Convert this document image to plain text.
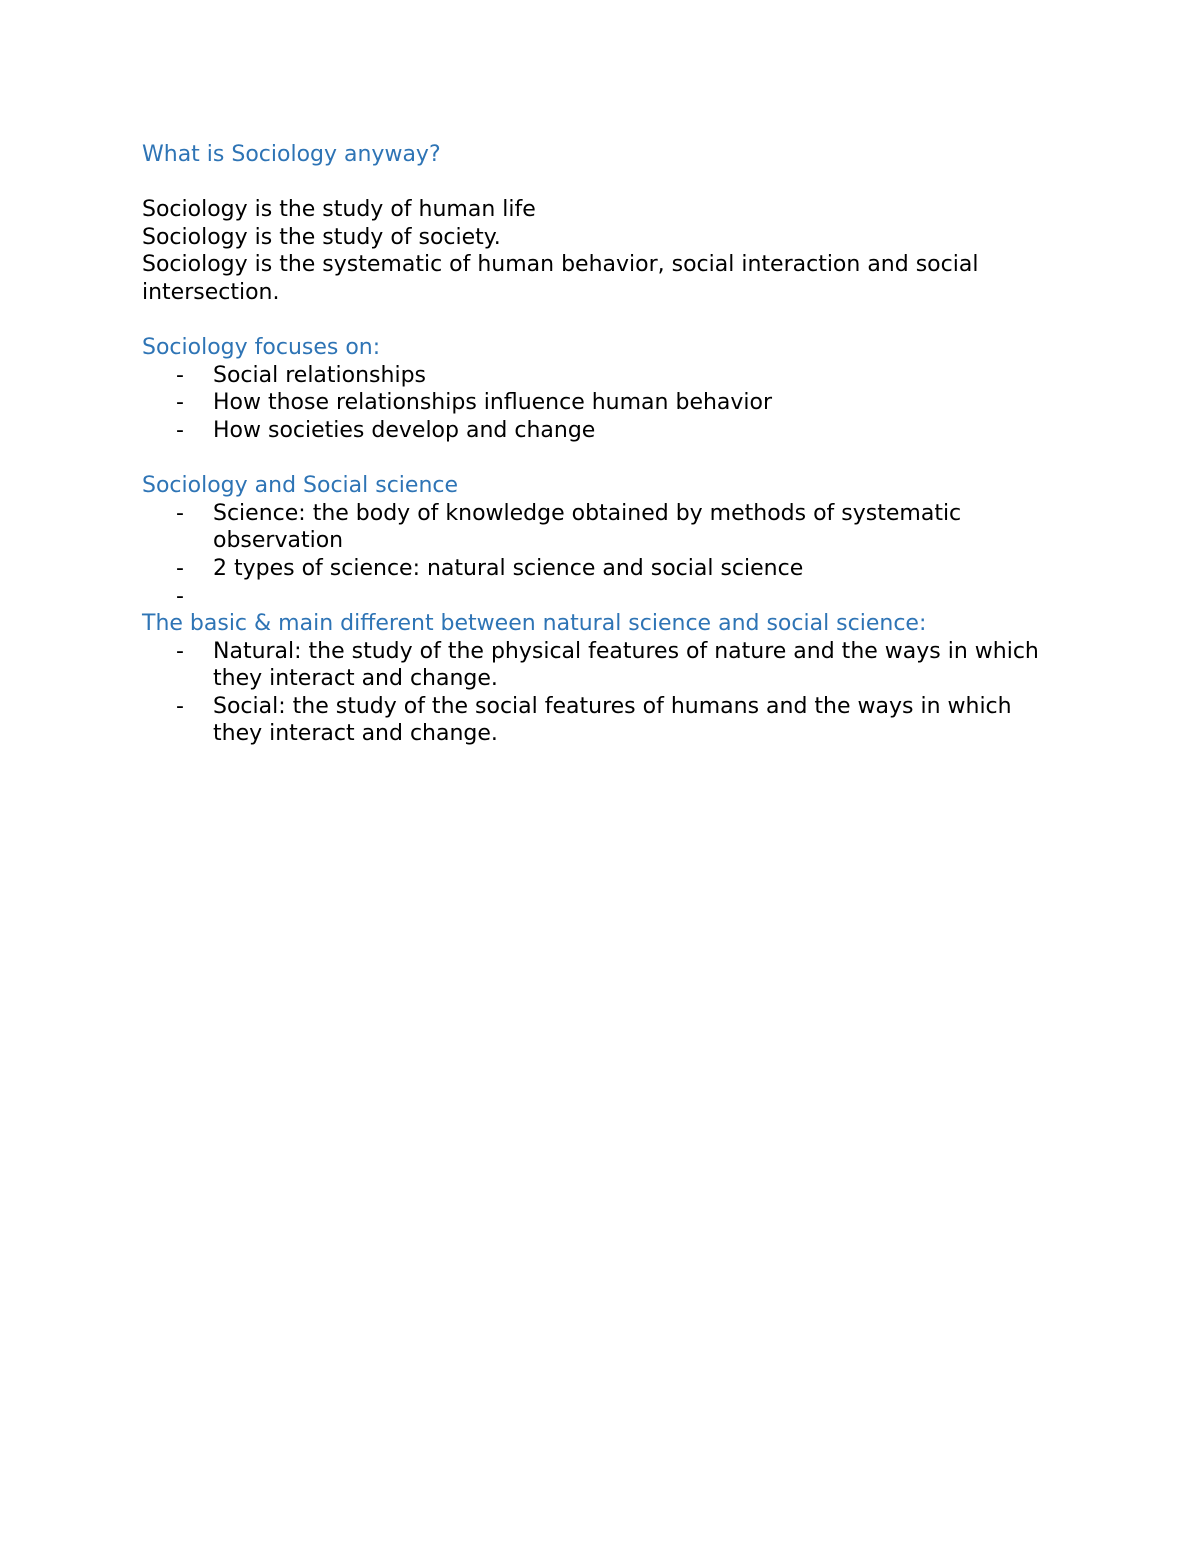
What is Sociology anyway?

Sociology is the study of human life

Sociology is the study of society.

Sociology is the systematic of human behavior, social interaction and social intersection.

Sociology focuses on:

- Social relationships
- How those relationships influence human behavior
- How societies develop and change

Sociology and Social science

- Science: the body of knowledge obtained by methods of systematic observation
- 2 types of science: natural science and social science
-

The basic & main different between natural science and social science:

- Natural: the study of the physical features of nature and the ways in which they interact and change.
- Social: the study of the social features of humans and the ways in which they interact and change.
